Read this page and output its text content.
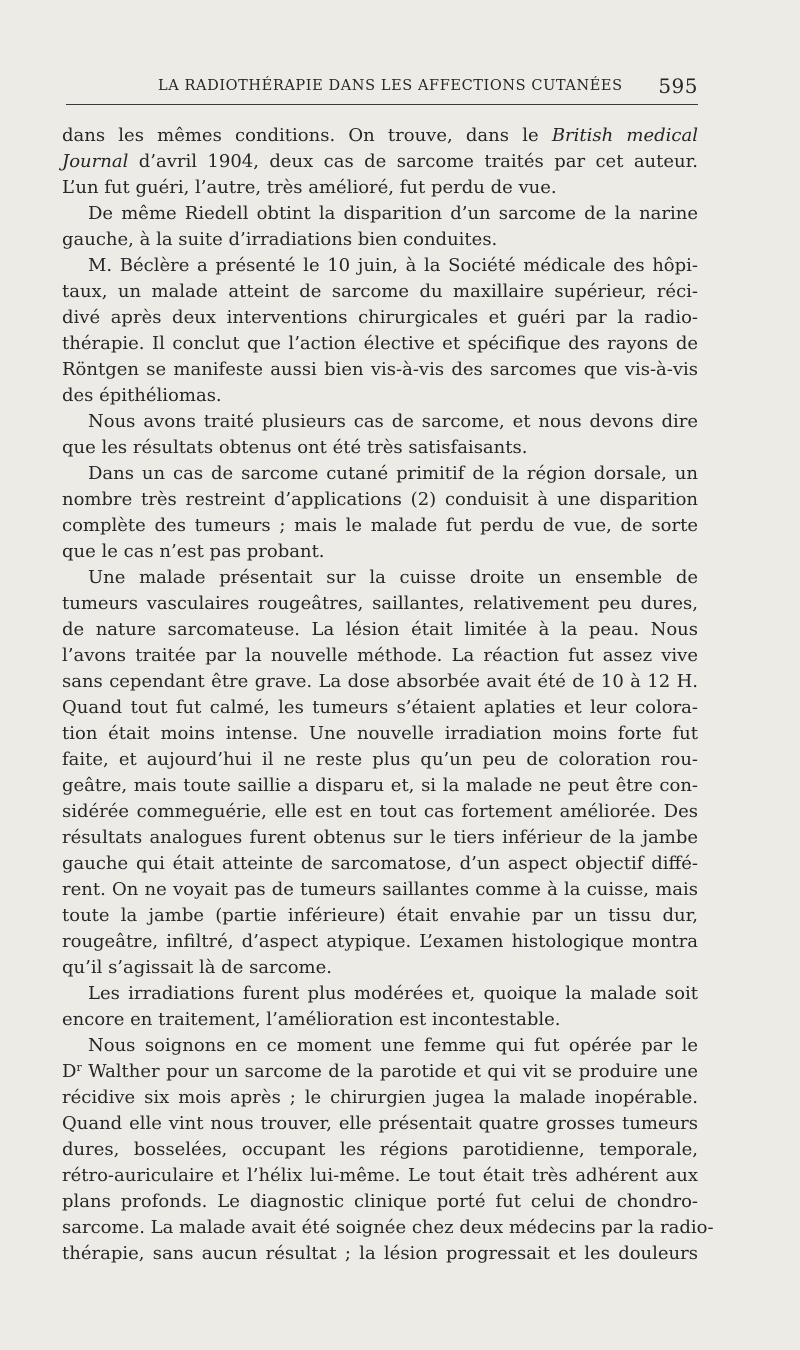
LA RADIOTHÉRAPIE DANS LES AFFECTIONS CUTANÉES 595
dans les mêmes conditions. On trouve, dans le British medical
Journal d’avril 1904, deux cas de sarcome traités par cet auteur.
L’un fut guéri, l’autre, très amélioré, fut perdu de vue.
De même Riedell obtint la disparition d’un sarcome de la narine
gauche, à la suite d’irradiations bien conduites.
M. Béclère a présenté le 10 juin, à la Société médicale des hôpi-
taux, un malade atteint de sarcome du maxillaire supérieur, réci-
divé après deux interventions chirurgicales et guéri par la radio-
thérapie. Il conclut que l’action élective et spécifique des rayons de
Röntgen se manifeste aussi bien vis-à-vis des sarcomes que vis-à-vis
des épithéliomas.
Nous avons traité plusieurs cas de sarcome, et nous devons dire
que les résultats obtenus ont été très satisfaisants.
Dans un cas de sarcome cutané primitif de la région dorsale, un
nombre très restreint d’applications (2) conduisit à une disparition
complète des tumeurs ; mais le malade fut perdu de vue, de sorte
que le cas n’est pas probant.
Une malade présentait sur la cuisse droite un ensemble de
tumeurs vasculaires rougeâtres, saillantes, relativement peu dures,
de nature sarcomateuse. La lésion était limitée à la peau. Nous
l’avons traitée par la nouvelle méthode. La réaction fut assez vive
sans cependant être grave. La dose absorbée avait été de 10 à 12 H.
Quand tout fut calmé, les tumeurs s’étaient aplaties et leur colora-
tion était moins intense. Une nouvelle irradiation moins forte fut
faite, et aujourd’hui il ne reste plus qu’un peu de coloration rou-
geâtre, mais toute saillie a disparu et, si la malade ne peut être con-
sidérée commeguérie, elle est en tout cas fortement améliorée. Des
résultats analogues furent obtenus sur le tiers inférieur de la jambe
gauche qui était atteinte de sarcomatose, d’un aspect objectif diffé-
rent. On ne voyait pas de tumeurs saillantes comme à la cuisse, mais
toute la jambe (partie inférieure) était envahie par un tissu dur,
rougeâtre, infiltré, d’aspect atypique. L’examen histologique montra
qu’il s’agissait là de sarcome.
Les irradiations furent plus modérées et, quoique la malade soit
encore en traitement, l’amélioration est incontestable.
Nous soignons en ce moment une femme qui fut opérée par le
$D^r$ Walther pour un sarcome de la parotide et qui vit se produire une
récidive six mois après ; le chirurgien jugea la malade inopérable.
Quand elle vint nous trouver, elle présentait quatre grosses tumeurs
dures, bosselées, occupant les régions parotidienne, temporale,
rétro-auriculaire et l’hélix lui-même. Le tout était très adhérent aux
plans profonds. Le diagnostic clinique porté fut celui de chondro-
sarcome. La malade avait été soignée chez deux médecins par la radio-
thérapie, sans aucun résultat ; la lésion progressait et les douleurs
